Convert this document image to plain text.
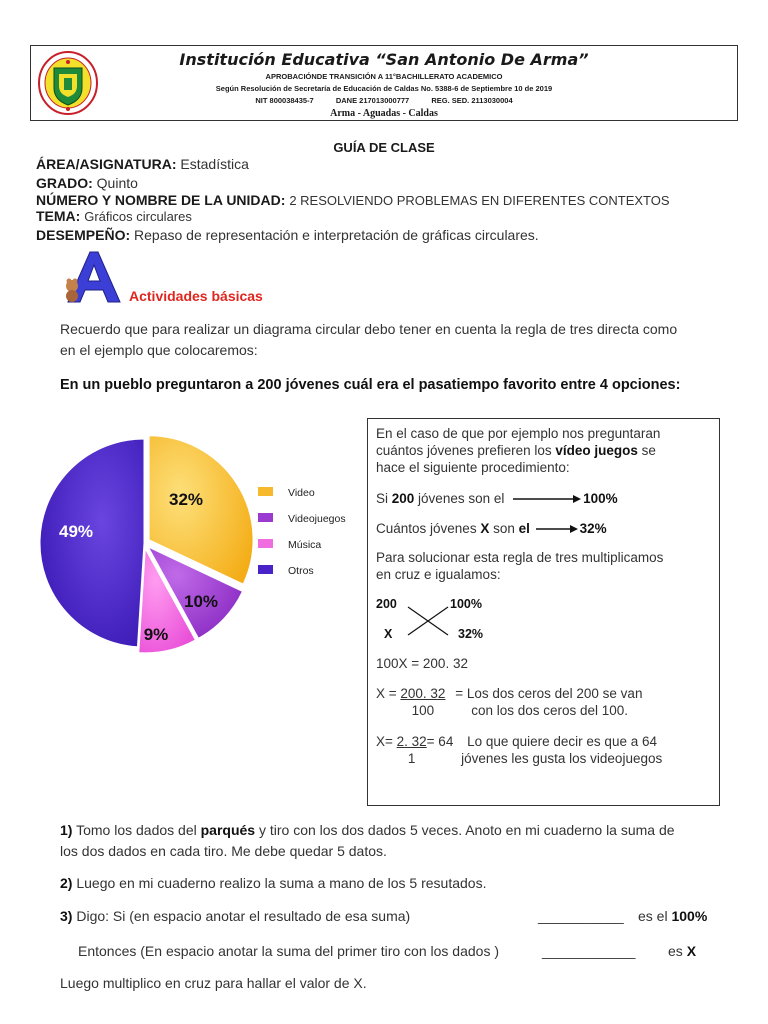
Institución Educativa “San Antonio De Arma”
APROBACIÓNDE TRANSICIÓN A 11°BACHILLERATO ACADEMICO
Según Resolución de Secretaría de Educación de Caldas No. 5388-6 de Septiembre 10 de 2019
NIT 800038435-7	DANE 217013000777	REG. SED. 2113030004
Arma - Aguadas - Caldas
GUÍA DE CLASE
ÁREA/ASIGNATURA: Estadística
GRADO: Quinto
NÚMERO Y NOMBRE DE LA UNIDAD: 2 RESOLVIENDO PROBLEMAS EN DIFERENTES CONTEXTOS
TEMA: Gráficos circulares
DESEMPEÑO: Repaso de representación e interpretación de gráficas circulares.
Actividades básicas
Recuerdo que para realizar un diagrama circular debo tener en cuenta la regla de tres directa como
en el ejemplo que colocaremos:
En un pueblo preguntaron a 200 jóvenes cuál era el pasatiempo favorito entre 4 opciones:
32%
10%
9%
49%
Video
Videojuegos
Música
Otros
En el caso de que por ejemplo nos preguntaran
cuántos jóvenes prefieren los vídeo juegos se
hace el siguiente procedimiento:
Si 200 jóvenes son el	100%
Cuántos jóvenes X son el	32%
Para solucionar esta regla de tres multiplicamos
en cruz e igualamos:
200	100%
X	32%
100X = 200. 32
$X = \frac{200. 32}{100}$ = Los dos ceros del 200 se van
con los dos ceros del 100.
$X= \frac{2. 32}{1}= 64$ Lo que quiere decir es que a 64
jóvenes les gusta los videojuegos
1) Tomo los dados del parqués y tiro con los dos dados 5 veces. Anoto en mi cuaderno la suma de
los dos dados en cada tiro. Me debe quedar 5 datos.
2) Luego en mi cuaderno realizo la suma a mano de los 5 resutados.
3) Digo: Si (en espacio anotar el resultado de esa suma)	___________ es el 100%
Entonces (En espacio anotar la suma del primer tiro con los dados )	____________ es X
Luego multiplico en cruz para hallar el valor de X.
